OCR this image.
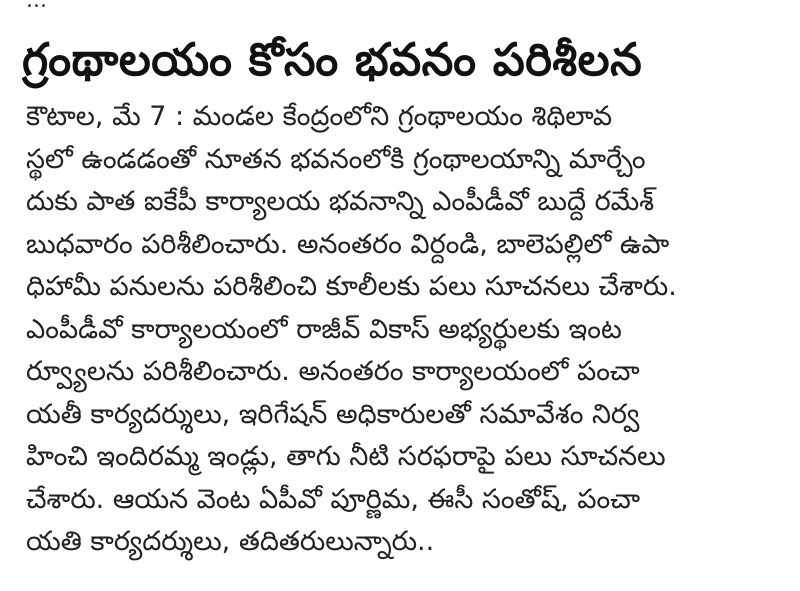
గ్రంథాలయం కోసం భవనం పరిశీలన
కౌటాల, మే 7 : మండల కేంద్రంలోని గ్రంథాలయం శిథిలావ
స్థలో ఉండడంతో నూతన భవనంలోకి గ్రంథాలయాన్ని మార్చేం
దుకు పాత ఐకేపీ కార్యాలయ భవనాన్ని ఎంపీడీవో బుద్దే రమేశ్
బుధవారం పరిశీలించారు. అనంతరం విర్దండి, బాలెపల్లిలో ఉపా
ధిహామీ పనులను పరిశీలించి కూలీలకు పలు సూచనలు చేశారు.
ఎంపీడీవో కార్యాలయంలో రాజీవ్ వికాస్ అభ్యర్థులకు ఇంట
ర్వ్యూలను పరిశీలించారు. అనంతరం కార్యాలయంలో పంచా
యతీ కార్యదర్శులు, ఇరిగేషన్ అధికారులతో సమావేశం నిర్వ
హించి ఇందిరమ్మ ఇండ్లు, తాగు నీటి సరఫరాపై పలు సూచనలు
చేశారు. ఆయన వెంట ఏపీవో పూర్ణిమ, ఈసీ సంతోష్, పంచా
యతి కార్యదర్శులు, తదితరులున్నారు..
